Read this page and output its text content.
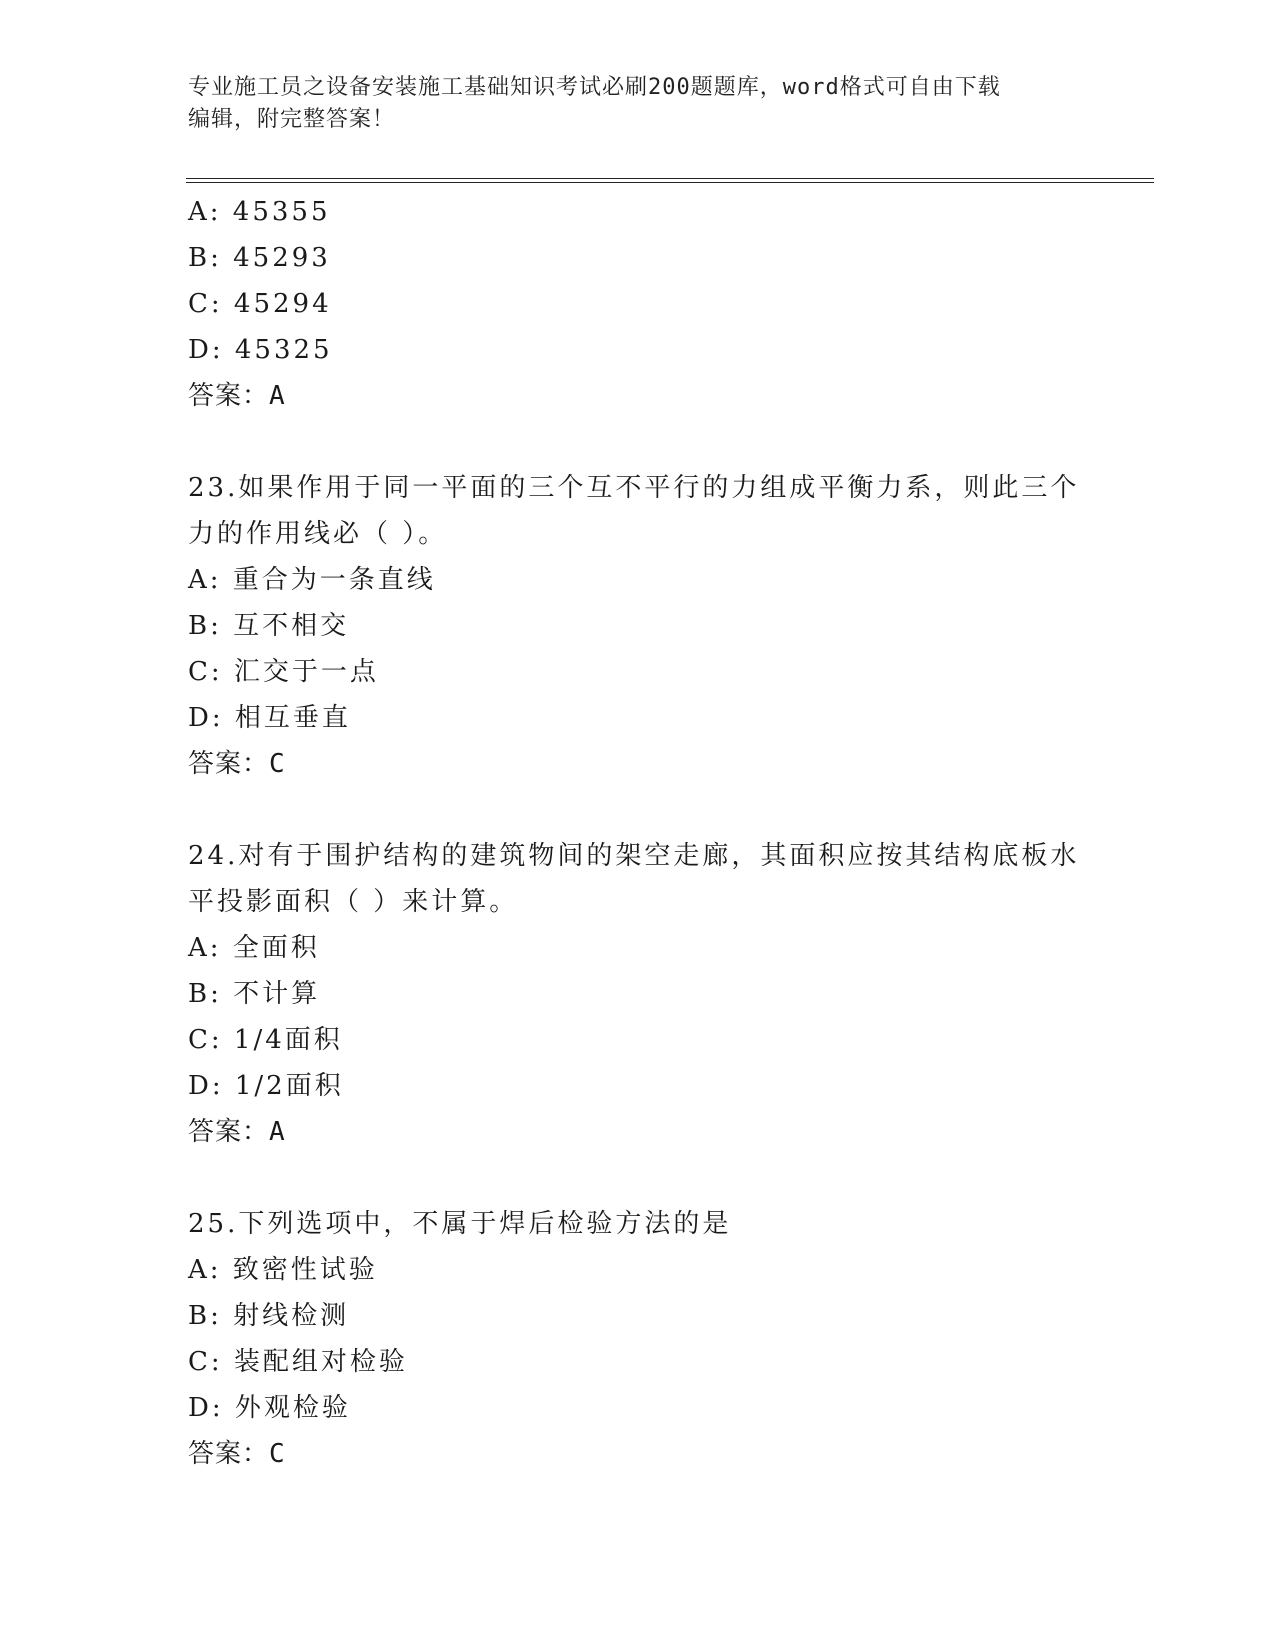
专业施工员之设备安装施工基础知识考试必刷200题题库，word格式可自由下载
编辑，附完整答案！
A: 45355
B: 45293
C: 45294
D: 45325
答案：A
23.如果作用于同一平面的三个互不平行的力组成平衡力系，则此三个
力的作用线必（ ）。
A: 重合为一条直线
B: 互不相交
C: 汇交于一点
D: 相互垂直
答案：C
24.对有于围护结构的建筑物间的架空走廊，其面积应按其结构底板水
平投影面积（ ）来计算。
A: 全面积
B: 不计算
C: 1/4面积
D: 1/2面积
答案：A
25.下列选项中，不属于焊后检验方法的是
A: 致密性试验
B: 射线检测
C: 装配组对检验
D: 外观检验
答案：C
